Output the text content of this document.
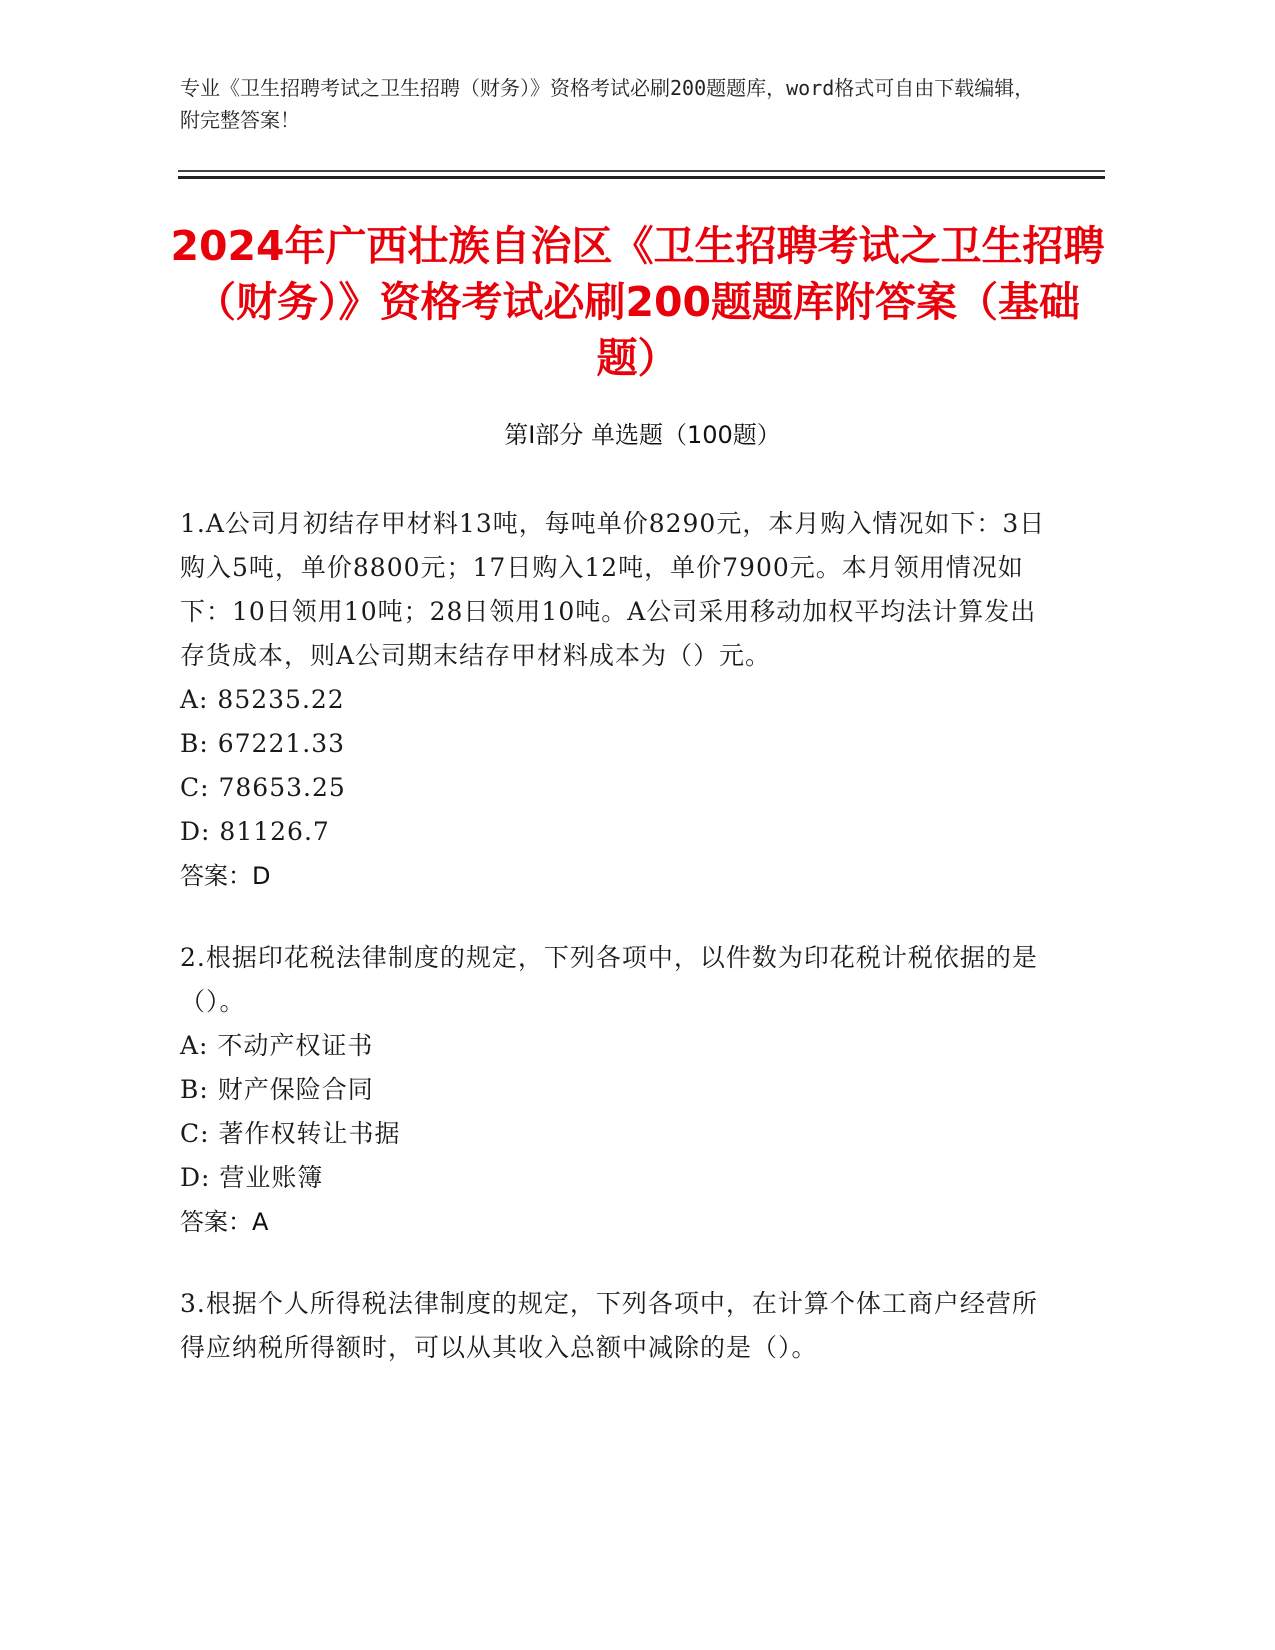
专业《卫生招聘考试之卫生招聘（财务）》资格考试必刷200题题库，word格式可自由下载编辑，附完整答案！
2024年广西壮族自治区《卫生招聘考试之卫生招聘（财务）》资格考试必刷200题题库附答案（基础题）
第I部分 单选题（100题）

1.A公司月初结存甲材料13吨，每吨单价8290元，本月购入情况如下：3日购入5吨，单价8800元；17日购入12吨，单价7900元。本月领用情况如下：10日领用10吨；28日领用10吨。A公司采用移动加权平均法计算发出存货成本，则A公司期末结存甲材料成本为（）元。

A: 85235.22

B: 67221.33

C: 78653.25

D: 81126.7

答案：D

2.根据印花税法律制度的规定，下列各项中，以件数为印花税计税依据的是（）。

A: 不动产权证书

B: 财产保险合同

C: 著作权转让书据

D: 营业账簿

答案：A

3.根据个人所得税法律制度的规定，下列各项中，在计算个体工商户经营所得应纳税所得额时，可以从其收入总额中减除的是（）。
